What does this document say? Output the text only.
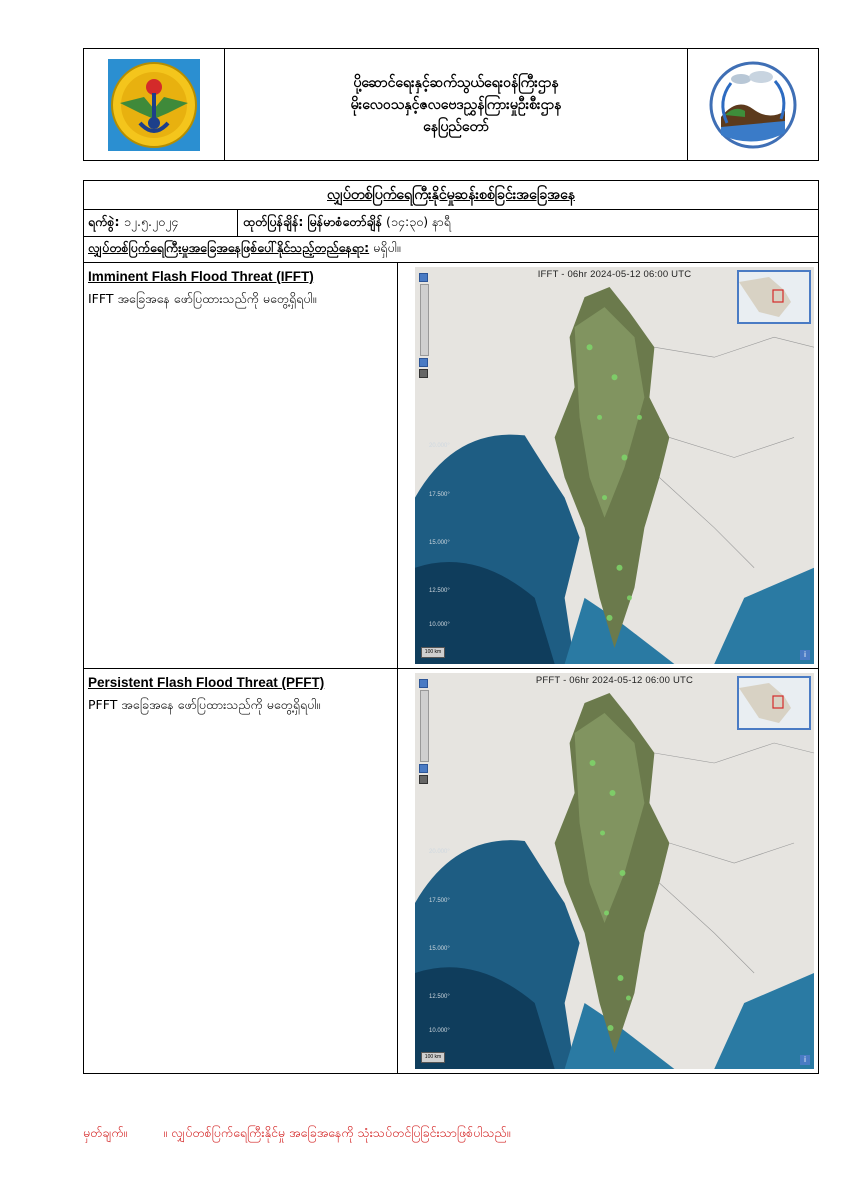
ပို့ဆောင်ရေးနှင့်ဆက်သွယ်ရေးဝန်ကြီးဌာန
မိုးလေဝသနှင့်ဇလဗေဒညွှန်ကြားမှုဦးစီးဌာန
နေပြည်တော်
လျှပ်တစ်ပြက်ရေကြီးနိုင်မှုဆန်းစစ်ခြင်းအခြေအနေ
ရက်စွဲ:
၁၂.၅.၂၀၂၄	ထုတ်ပြန်ချိန်:
မြန်မာစံတော်ချိန်
(၁၄:၃၀) နာရီ
လျှပ်တစ်ပြက်ရေကြီးမှုအခြေအနေဖြစ်ပေါ်နိုင်သည့်တည်နေရာ:
မရှိပါ။
Imminent Flash Flood Threat (IFFT)
IFFT အခြေအနေ ဖော်ပြထားသည်ကို မတွေ့ရှိရပါ။
IFFT - 06hr 2024-05-12 06:00 UTC
20.000°
17.500°
15.000°
12.500°
10.000°
100 km	i
Persistent Flash Flood Threat (PFFT)
PFFT အခြေအနေ ဖော်ပြထားသည်ကို မတွေ့ရှိရပါ။
PFFT - 06hr 2024-05-12 06:00 UTC
20.000°
17.500°
15.000°
12.500°
10.000°
100 km	i
မှတ်ချက်။	။ လျှပ်တစ်ပြက်ရေကြီးနိုင်မှု အခြေအနေကို သုံးသပ်တင်ပြခြင်းသာဖြစ်ပါသည်။
